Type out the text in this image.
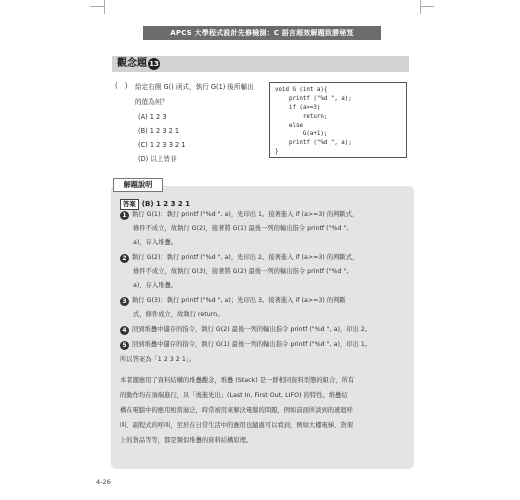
APCS 大學程式設計先修檢測：C 語言超效解題致勝秘笈
觀念題 13
(　) 給定右側 G() 函式，執行 G(1) 後所輸出
的值為何？
(A) 1 2 3
(B) 1 2 3 2 1
(C) 1 2 3 3 2 1
(D) 以上皆非
void G (int a){
printf ("%d ", a);
if (a>=3)
return;
else
G(a+1);
printf ("%d ", a);
}
解題說明
答案 (B) 1 2 3 2 1
1 執行 G(1)：執行 printf ("%d ", a)，先印出 1。接著進入 if (a>=3) 的判斷式，
條件不成立，故執行 G(2)，接著將 G(1) 最後一列的輸出指令 printf ("%d ",
a)，存入堆疊。
2 執行 G(2)：執行 printf ("%d ", a)，先印出 2。接著進入 if (a>=3) 的判斷式，
條件不成立，故執行 G(3)，接著將 G(2) 最後一列的輸出指令 printf ("%d ",
a)，存入堆疊。
3 執行 G(3)：執行 printf ("%d ", a)；先印出 3。接著進入 if (a>=3) 的判斷
式，條件成立，故執行 return。
4 回到堆疊中儲存的指令，執行 G(2) 最後一列的輸出指令 printf ("%d ", a)，印出 2。
5 回到堆疊中儲存的指令，執行 G(1) 最後一列的輸出指令 printf ("%d ", a)，印出 1。
所以答案為「1 2 3 2 1」。
本者題應用了資料結構的堆疊觀念，堆疊 (Stack) 是一群相同資料型態的組合，所有
的動作均在頂端進行，具「後進先出」(Last In, First Out, LIFO) 的特性。堆疊結
構在電腦中的應用相當廣泛，時常被用來解決電腦的問題，例如前面所談到的遞迴呼
叫、副程式的呼叫，至於在日常生活中的應用也隨處可以看到，例如大樓電梯、貨架
上的貨品等等，都是類似堆疊的資料結構原理。
4-26
